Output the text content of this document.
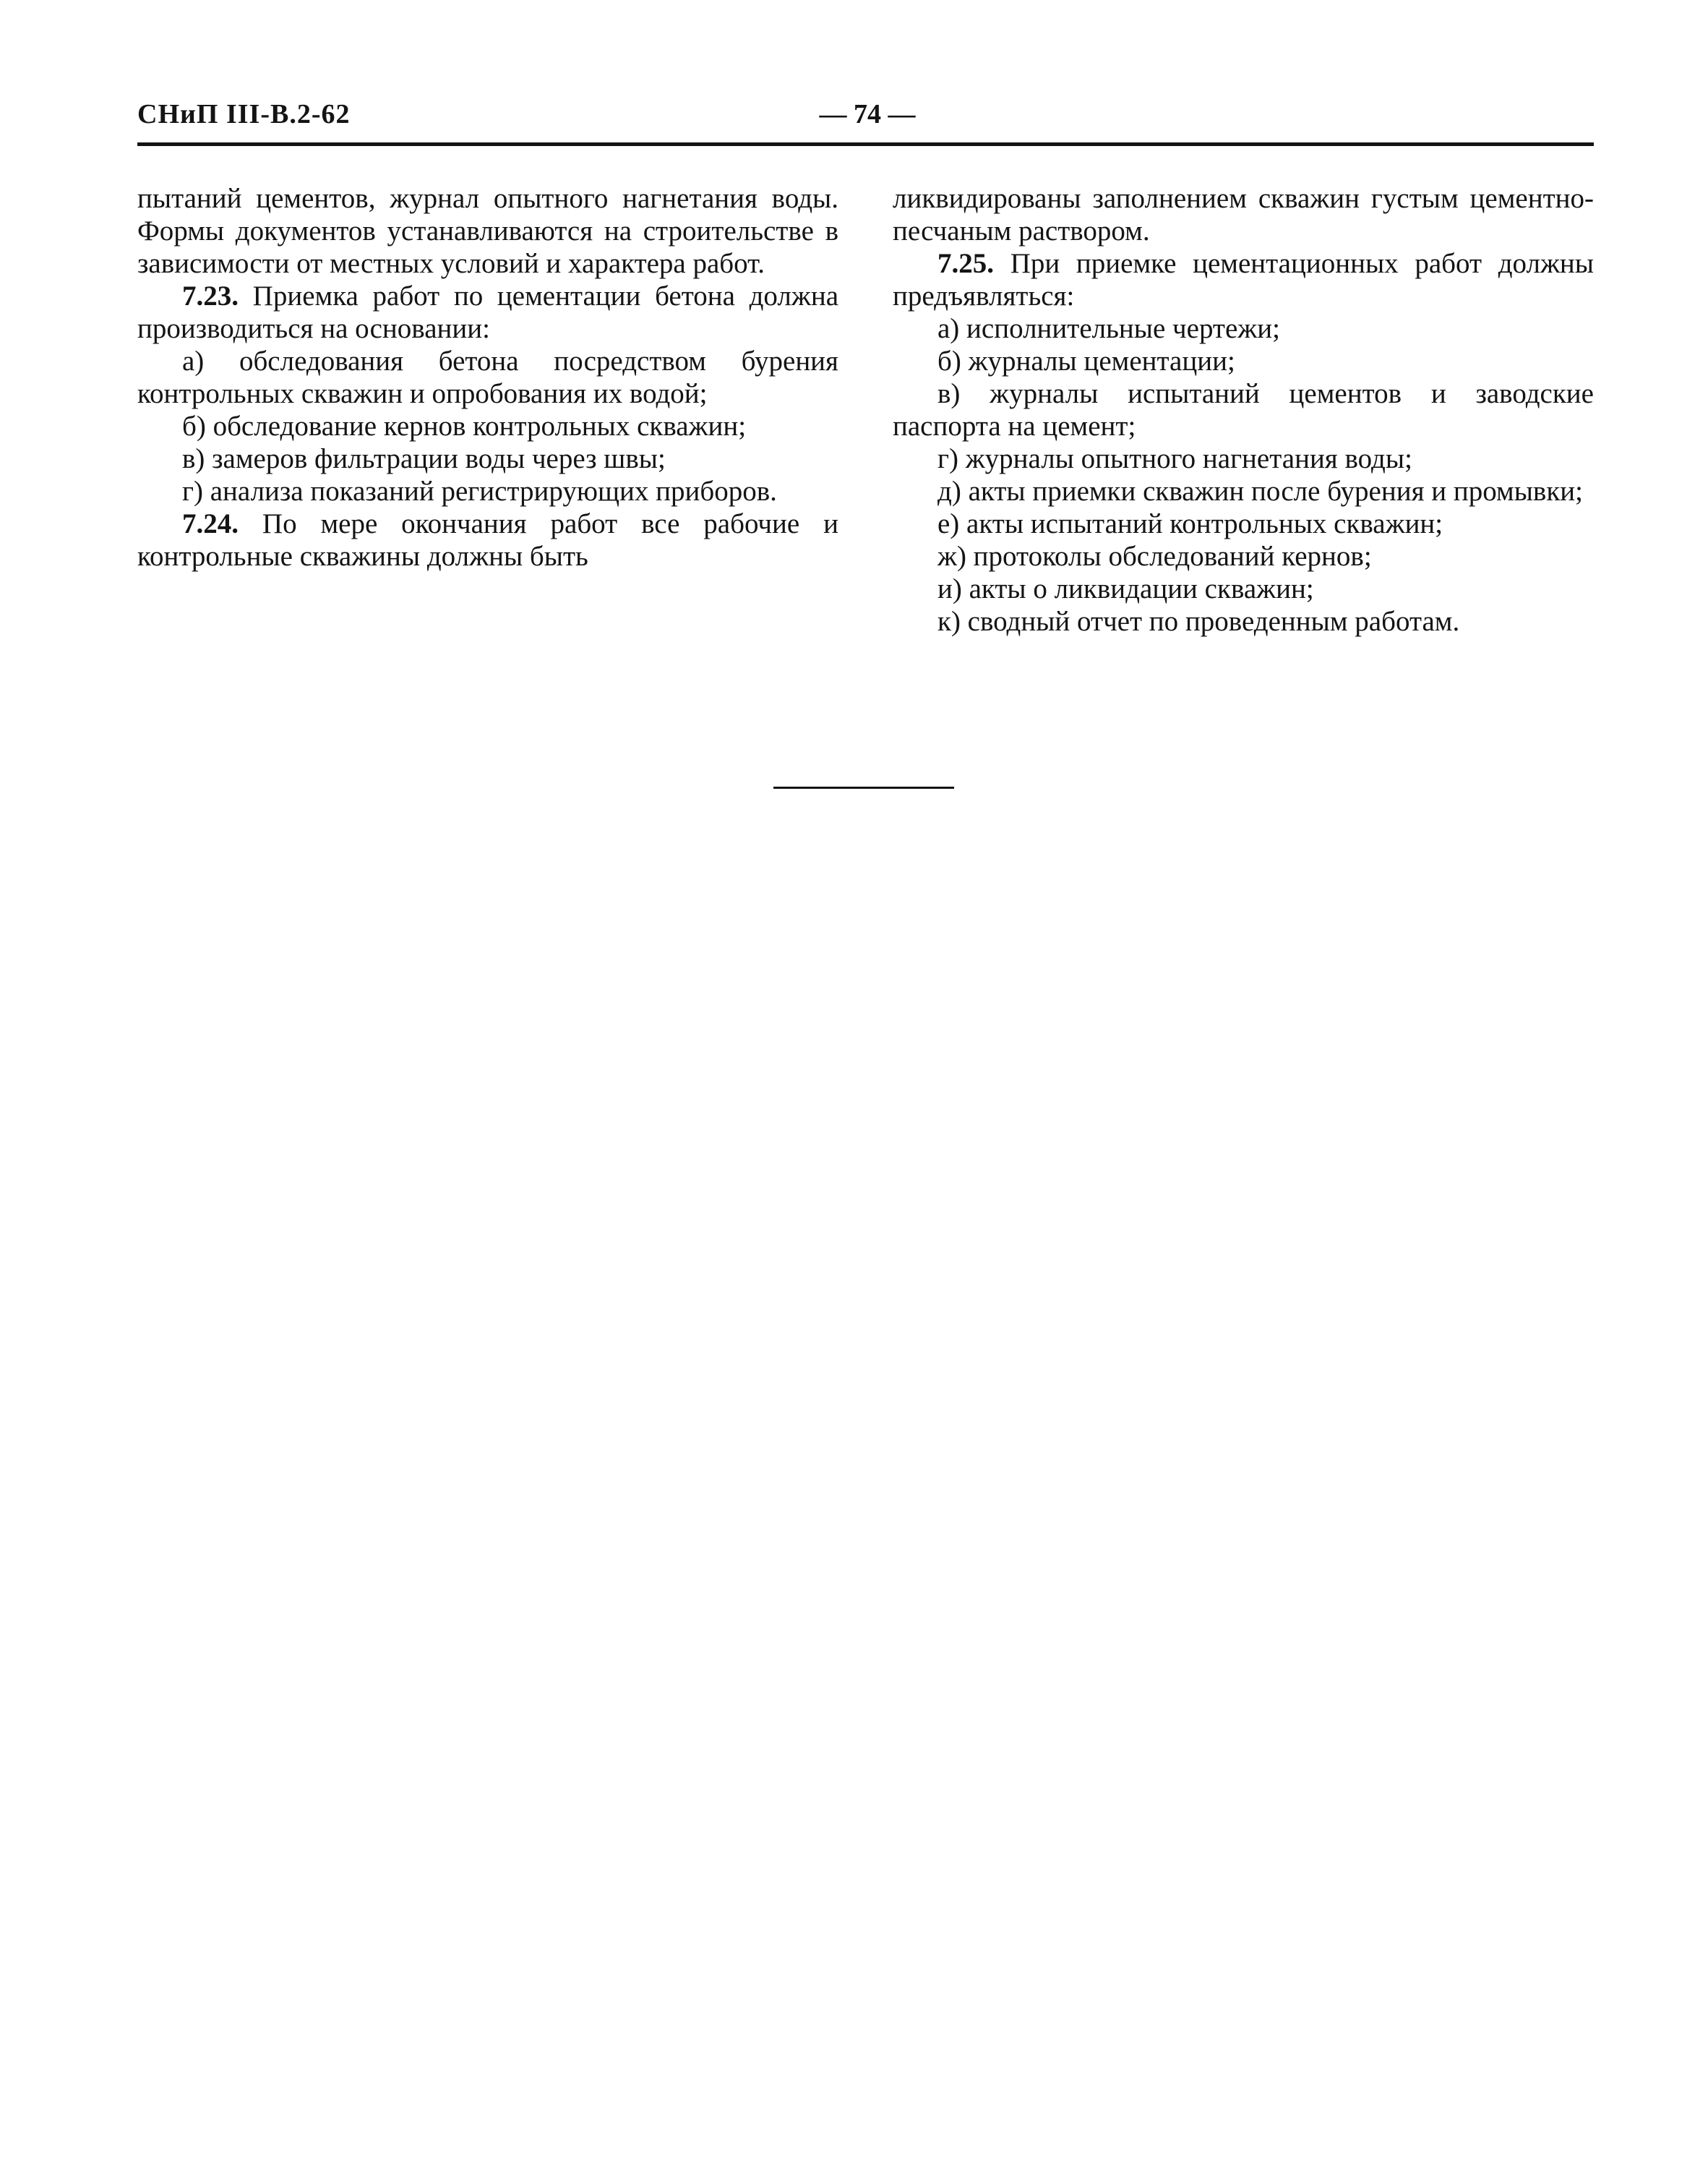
СНиП III-В.2-62	— 74 —

пытаний цементов, журнал опытного нагнетания воды. Формы документов устанавливаются на строительстве в зависимости от местных условий и характера работ.

7.23. Приемка работ по цементации бетона должна производиться на основании:

а) обследования бетона посредством бурения контрольных скважин и опробования их водой;

б) обследование кернов контрольных скважин;

в) замеров фильтрации воды через швы;

г) анализа показаний регистрирующих приборов.

7.24. По мере окончания работ все рабочие и контрольные скважины должны быть

ликвидированы заполнением скважин густым цементно-песчаным раствором.

7.25. При приемке цементационных работ должны предъявляться:

а) исполнительные чертежи;

б) журналы цементации;

в) журналы испытаний цементов и заводские паспорта на цемент;

г) журналы опытного нагнетания воды;

д) акты приемки скважин после бурения и промывки;

е) акты испытаний контрольных скважин;

ж) протоколы обследований кернов;

и) акты о ликвидации скважин;

к) сводный отчет по проведенным работам.
